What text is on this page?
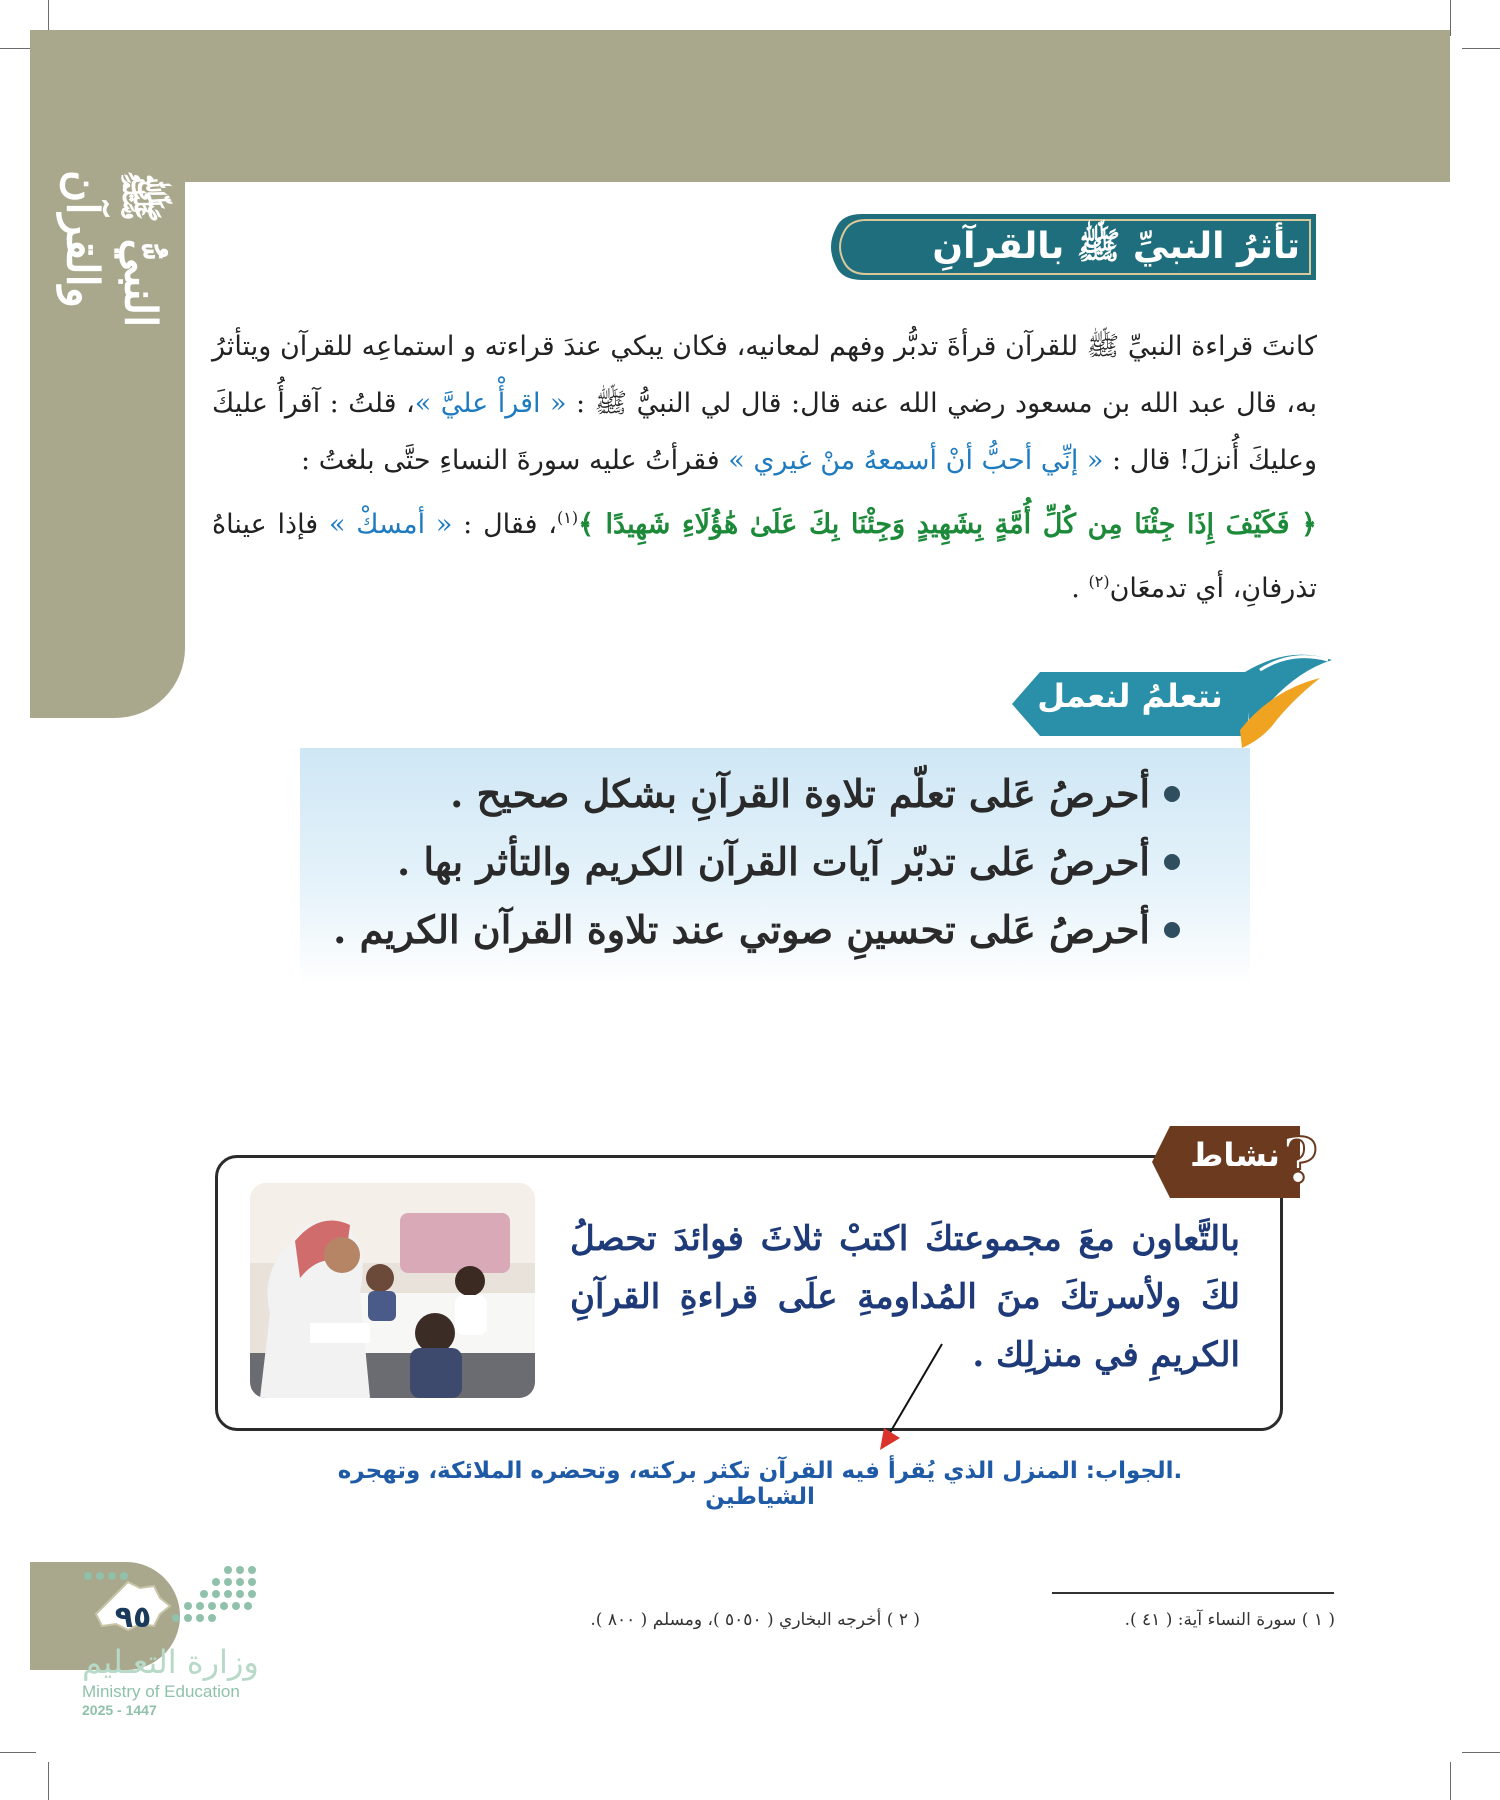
النبيُّ ﷺ والقرآن	تأثرُ النبيِّ ﷺ بالقرآنِ
كانتَ قراءة النبيِّ ﷺ للقرآن قرأةَ تدبُّر وفهم لمعانيه، فكان يبكي عندَ قراءته و استماعِه للقرآن ويتأثرُ به، قال عبد الله بن مسعود رضي الله عنه قال: قال لي النبيُّ ﷺ : « اقرأْ عليَّ »، قلتُ : آقرأُ عليكَ وعليكَ أُنزلَ! قال : « إنِّي أحبُّ أنْ أسمعهُ منْ غيري » فقرأتُ عليه سورةَ النساءِ حتَّى بلغتُ :
﴿ فَكَيْفَ إِذَا جِئْنَا مِن كُلِّ أُمَّةٍ بِشَهِيدٍ وَجِئْنَا بِكَ عَلَىٰ هَٰؤُلَاءِ شَهِيدًا ﴾$^{(١)}$، فقال : « أمسكْ » فإذا عيناهُ تذرفانِ، أي تدمعَان$^{(٢)}$ .
نتعلمُ لنعمل
أحرصُ عَلى تعلّم تلاوة القرآنِ بشكل صحيح .
أحرصُ عَلى تدبّر آيات القرآن الكريم والتأثر بها .
أحرصُ عَلى تحسينِ صوتي عند تلاوة القرآن الكريم .
?
نشاط
بالتَّعاون معَ مجموعتكَ اكتبْ ثلاثَ فوائدَ تحصلُ لكَ ولأسرتكَ منَ المُداومةِ علَى قراءةِ القرآنِ الكريمِ في منزلِك .
.الجواب: المنزل الذي يُقرأ فيه القرآن تكثر بركته، وتحضره الملائكة، وتهجره الشياطين
( ١ ) سورة النساء آية: ( ٤١ ).
( ٢ ) أخرجه البخاري ( ٥٠٥٠ )، ومسلم ( ٨٠٠ ).
٩٥
وزارة التعـليم
Ministry of Education
2025 - 1447
